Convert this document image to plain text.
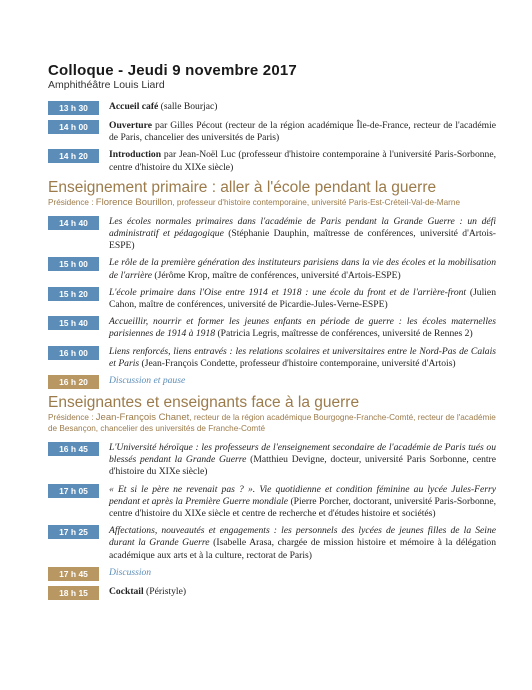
Colloque - Jeudi 9 novembre 2017
Amphithéâtre Louis Liard
13 h 30	Accueil café (salle Bourjac)
14 h 00	Ouverture par Gilles Pécout (recteur de la région académique Île-de-France, recteur de l'académie de Paris, chancelier des universités de Paris)
14 h 20	Introduction par Jean-Noël Luc (professeur d'histoire contemporaine à l'université Paris-Sorbonne, centre d'histoire du XIXe siècle)
Enseignement primaire : aller à l'école pendant la guerre
Présidence : Florence Bourillon, professeur d'histoire contemporaine, université Paris-Est-Créteil-Val-de-Marne
14 h 40	Les écoles normales primaires dans l'académie de Paris pendant la Grande Guerre : un défi administratif et pédagogique (Stéphanie Dauphin, maîtresse de conférences, université d'Artois-ESPE)
15 h 00	Le rôle de la première génération des instituteurs parisiens dans la vie des écoles et la mobilisation de l'arrière (Jérôme Krop, maître de conférences, université d'Artois-ESPE)
15 h 20	L'école primaire dans l'Oise entre 1914 et 1918 : une école du front et de l'arrière-front (Julien Cahon, maître de conférences, université de Picardie-Jules-Verne-ESPE)
15 h 40	Accueillir, nourrir et former les jeunes enfants en période de guerre : les écoles maternelles parisiennes de 1914 à 1918 (Patricia Legris, maîtresse de conférences, université de Rennes 2)
16 h 00	Liens renforcés, liens entravés : les relations scolaires et universitaires entre le Nord-Pas de Calais et Paris (Jean-François Condette, professeur d'histoire contemporaine, université d'Artois)
16 h 20	Discussion et pause
Enseignantes et enseignants face à la guerre
Présidence : Jean-François Chanet, recteur de la région académique Bourgogne-Franche-Comté, recteur de l'académie de Besançon, chancelier des universités de Franche-Comté
16 h 45	L'Université héroïque : les professeurs de l'enseignement secondaire de l'académie de Paris tués ou blessés pendant la Grande Guerre (Matthieu Devigne, docteur, université Paris Sorbonne, centre d'histoire du XIXe siècle)
17 h 05	« Et si le père ne revenait pas ? ». Vie quotidienne et condition féminine au lycée Jules-Ferry pendant et après la Première Guerre mondiale (Pierre Porcher, doctorant, université Paris-Sorbonne, centre d'histoire du XIXe siècle et centre de recherche et d'études histoire et sociétés)
17 h 25	Affectations, nouveautés et engagements : les personnels des lycées de jeunes filles de la Seine durant la Grande Guerre (Isabelle Arasa, chargée de mission histoire et mémoire à la délégation académique aux arts et à la culture, rectorat de Paris)
17 h 45	Discussion
18 h 15	Cocktail (Péristyle)
